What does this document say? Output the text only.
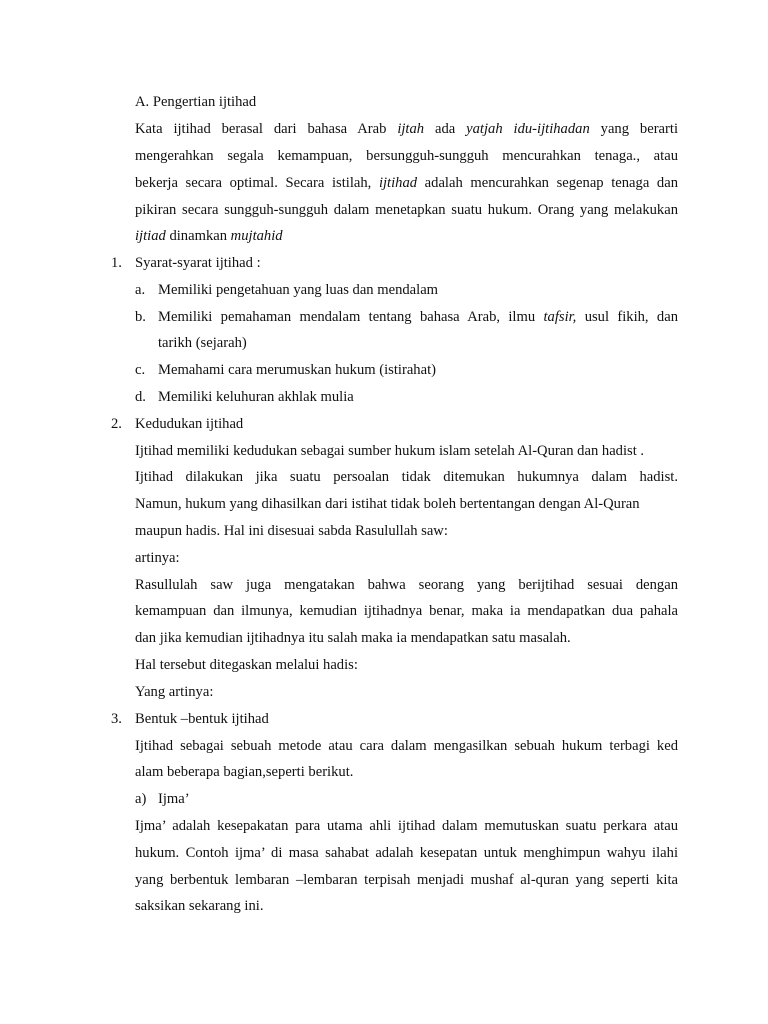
A. Pengertian ijtihad
Kata ijtihad berasal dari bahasa Arab ijtah ada yatjah idu-ijtihadan yang berarti
mengerahkan segala kemampuan, bersungguh-sungguh mencurahkan tenaga., atau
bekerja secara optimal. Secara istilah, ijtihad adalah mencurahkan segenap tenaga dan
pikiran secara sungguh-sungguh dalam menetapkan suatu hukum. Orang yang melakukan
ijtiad dinamkan mujtahid
1. Syarat-syarat ijtihad :
a. Memiliki pengetahuan yang luas dan mendalam
b. Memiliki pemahaman mendalam tentang bahasa Arab, ilmu tafsir, usul fikih, dan
tarikh (sejarah)
c. Memahami cara merumuskan hukum (istirahat)
d. Memiliki keluhuran akhlak mulia
2. Kedudukan ijtihad
Ijtihad memiliki kedudukan sebagai sumber hukum islam setelah Al-Quran dan hadist .
Ijtihad dilakukan jika suatu persoalan tidak ditemukan hukumnya dalam hadist.
Namun, hukum yang dihasilkan dari istihat tidak boleh bertentangan dengan Al-Quran
maupun hadis. Hal ini disesuai sabda Rasulullah saw:
artinya:
Rasullulah saw juga mengatakan bahwa seorang yang berijtihad sesuai dengan
kemampuan dan ilmunya, kemudian ijtihadnya benar, maka ia mendapatkan dua pahala
dan jika kemudian ijtihadnya itu salah maka ia mendapatkan satu masalah.
Hal tersebut ditegaskan melalui hadis:
Yang artinya:
3. Bentuk –bentuk ijtihad
Ijtihad sebagai sebuah metode atau cara dalam mengasilkan sebuah hukum terbagi ked
alam beberapa bagian,seperti berikut.
a) Ijma’
Ijma’ adalah kesepakatan para utama ahli ijtihad dalam memutuskan suatu perkara atau
hukum. Contoh ijma’ di masa sahabat adalah kesepatan untuk menghimpun wahyu ilahi
yang berbentuk lembaran –lembaran terpisah menjadi mushaf al-quran yang seperti kita
saksikan sekarang ini.
